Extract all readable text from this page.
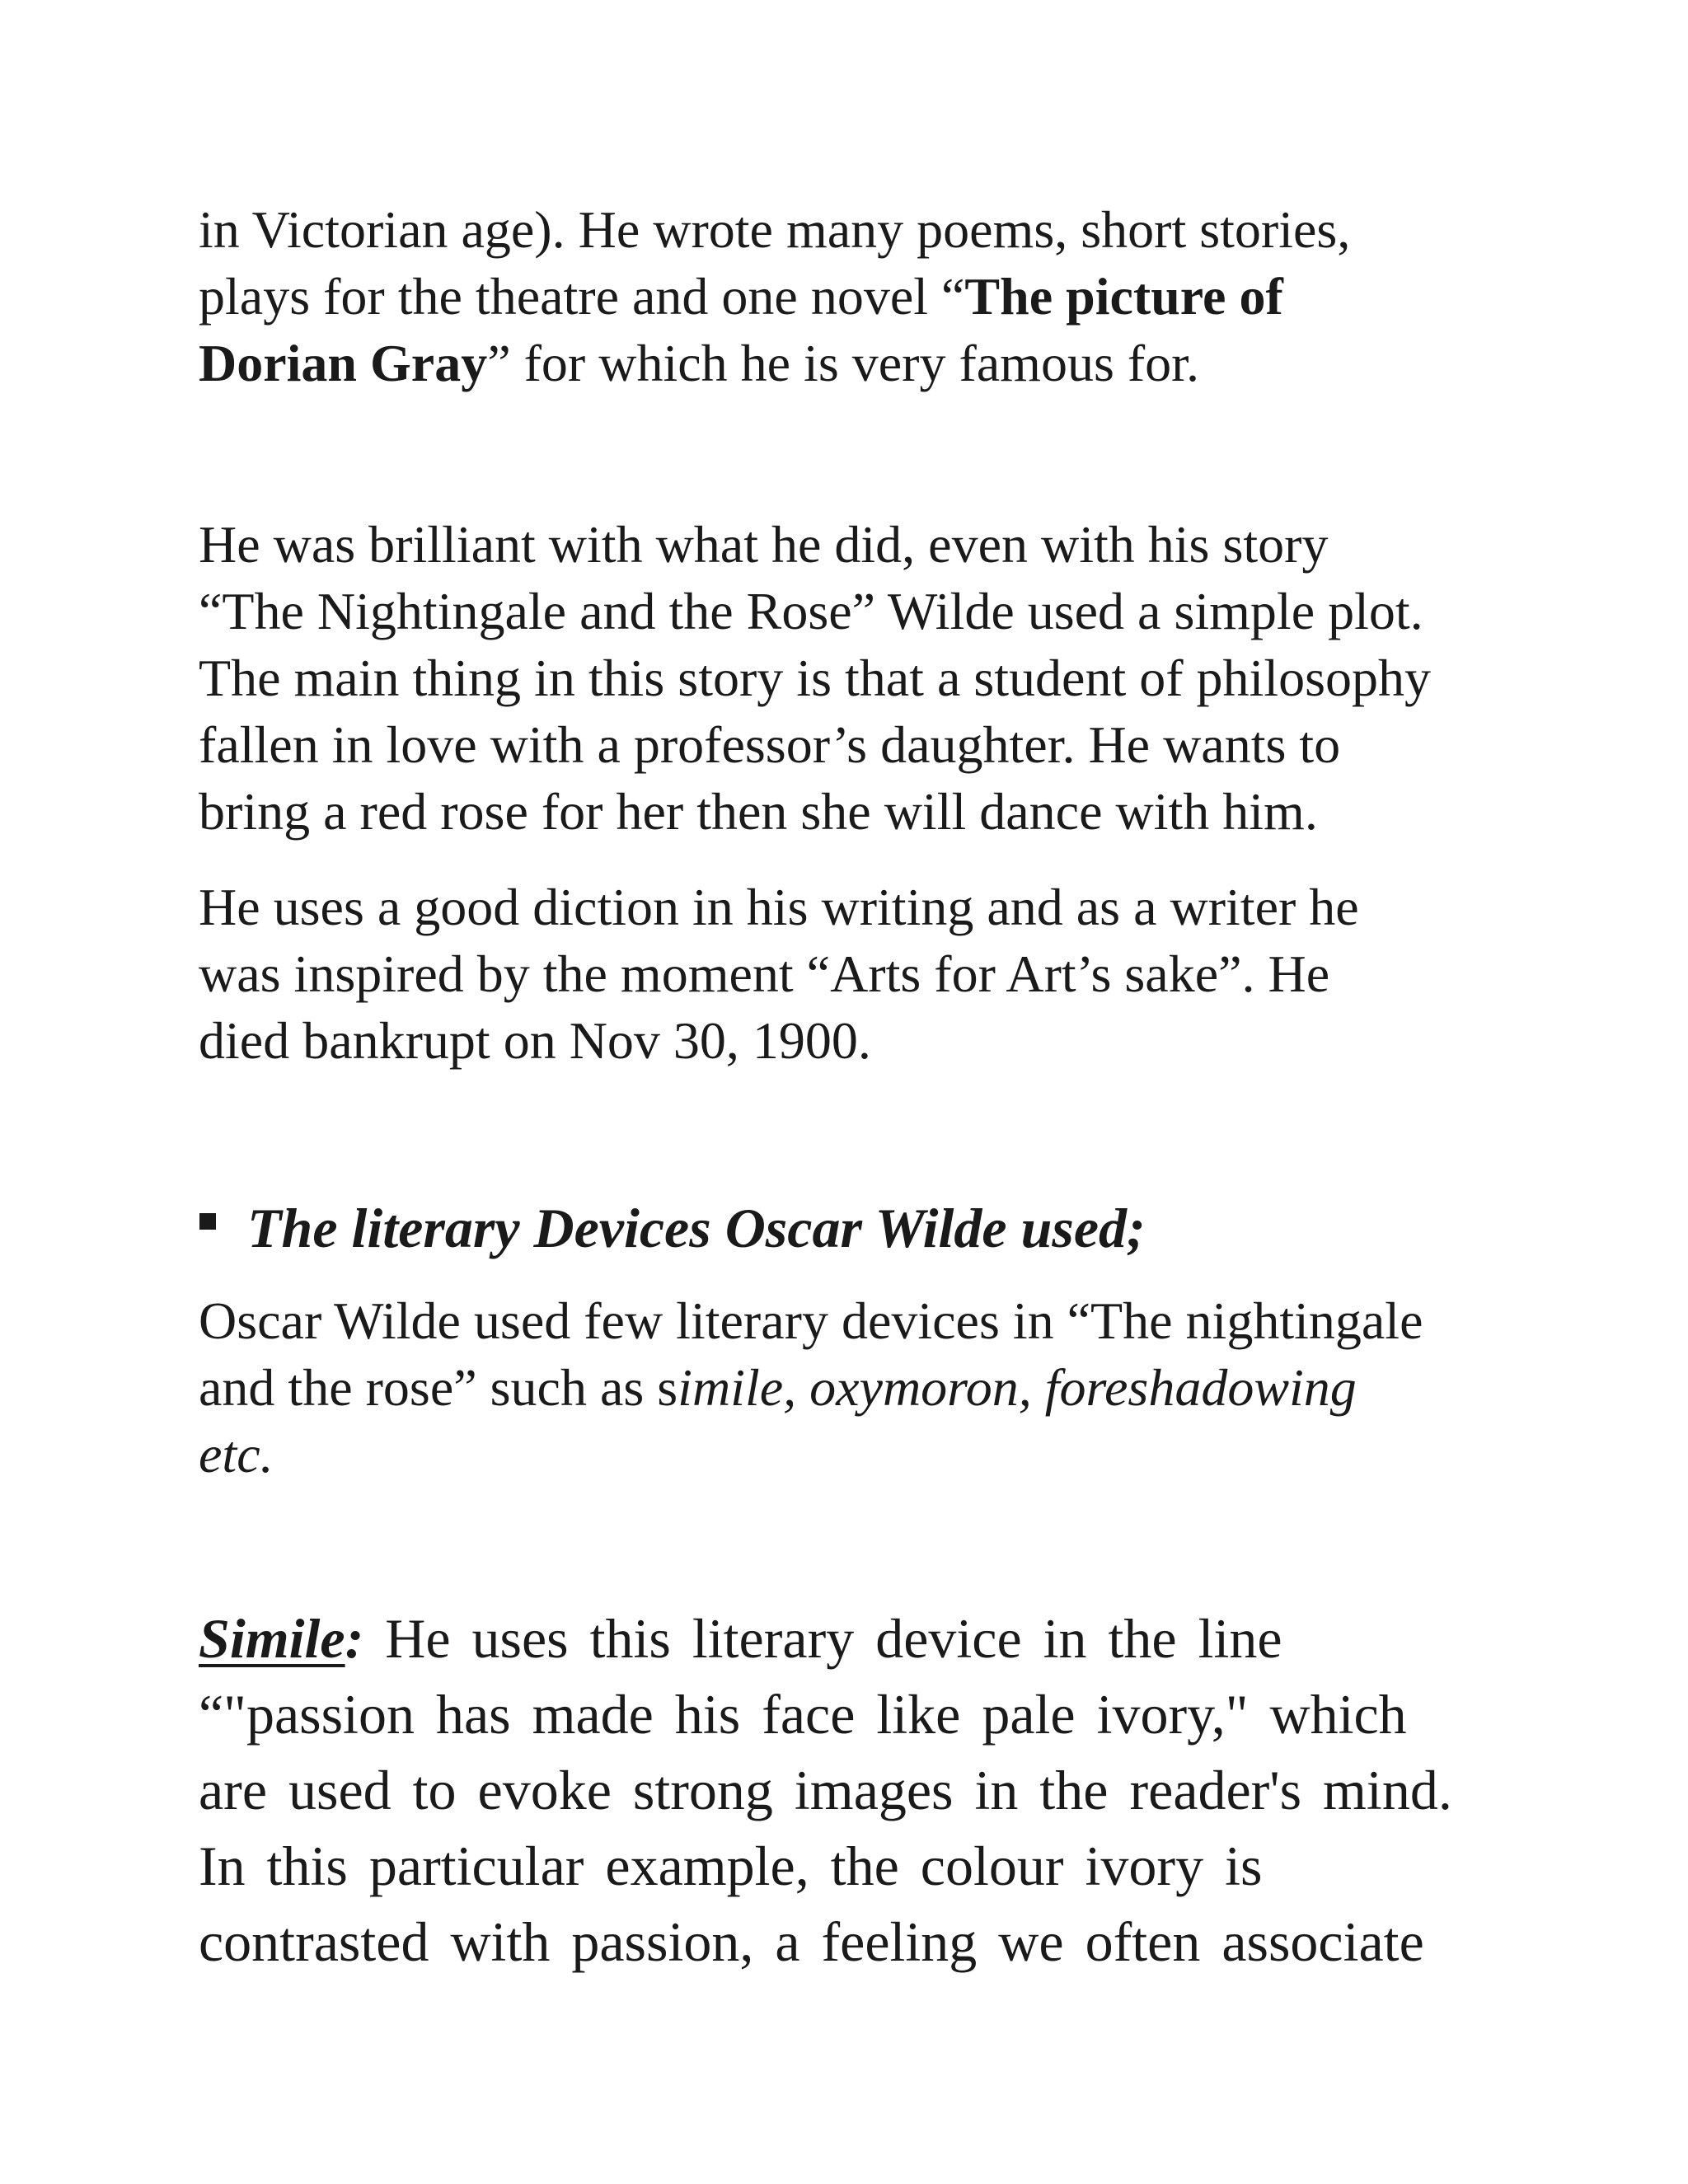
in Victorian age). He wrote many poems, short stories,
plays for the theatre and one novel “The picture of
Dorian Gray” for which he is very famous for.

He was brilliant with what he did, even with his story
“The Nightingale and the Rose” Wilde used a simple plot.
The main thing in this story is that a student of philosophy
fallen in love with a professor’s daughter. He wants to
bring a red rose for her then she will dance with him.

He uses a good diction in his writing and as a writer he
was inspired by the moment “Arts for Art’s sake”. He
died bankrupt on Nov 30, 1900.

The literary Devices Oscar Wilde used;

Oscar Wilde used few literary devices in “The nightingale
and the rose” such as simile, oxymoron, foreshadowing
etc.

Simile: He uses this literary device in the line
“"passion has made his face like pale ivory," which
are used to evoke strong images in the reader's mind.
In this particular example, the colour ivory is
contrasted with passion, a feeling we often associate
